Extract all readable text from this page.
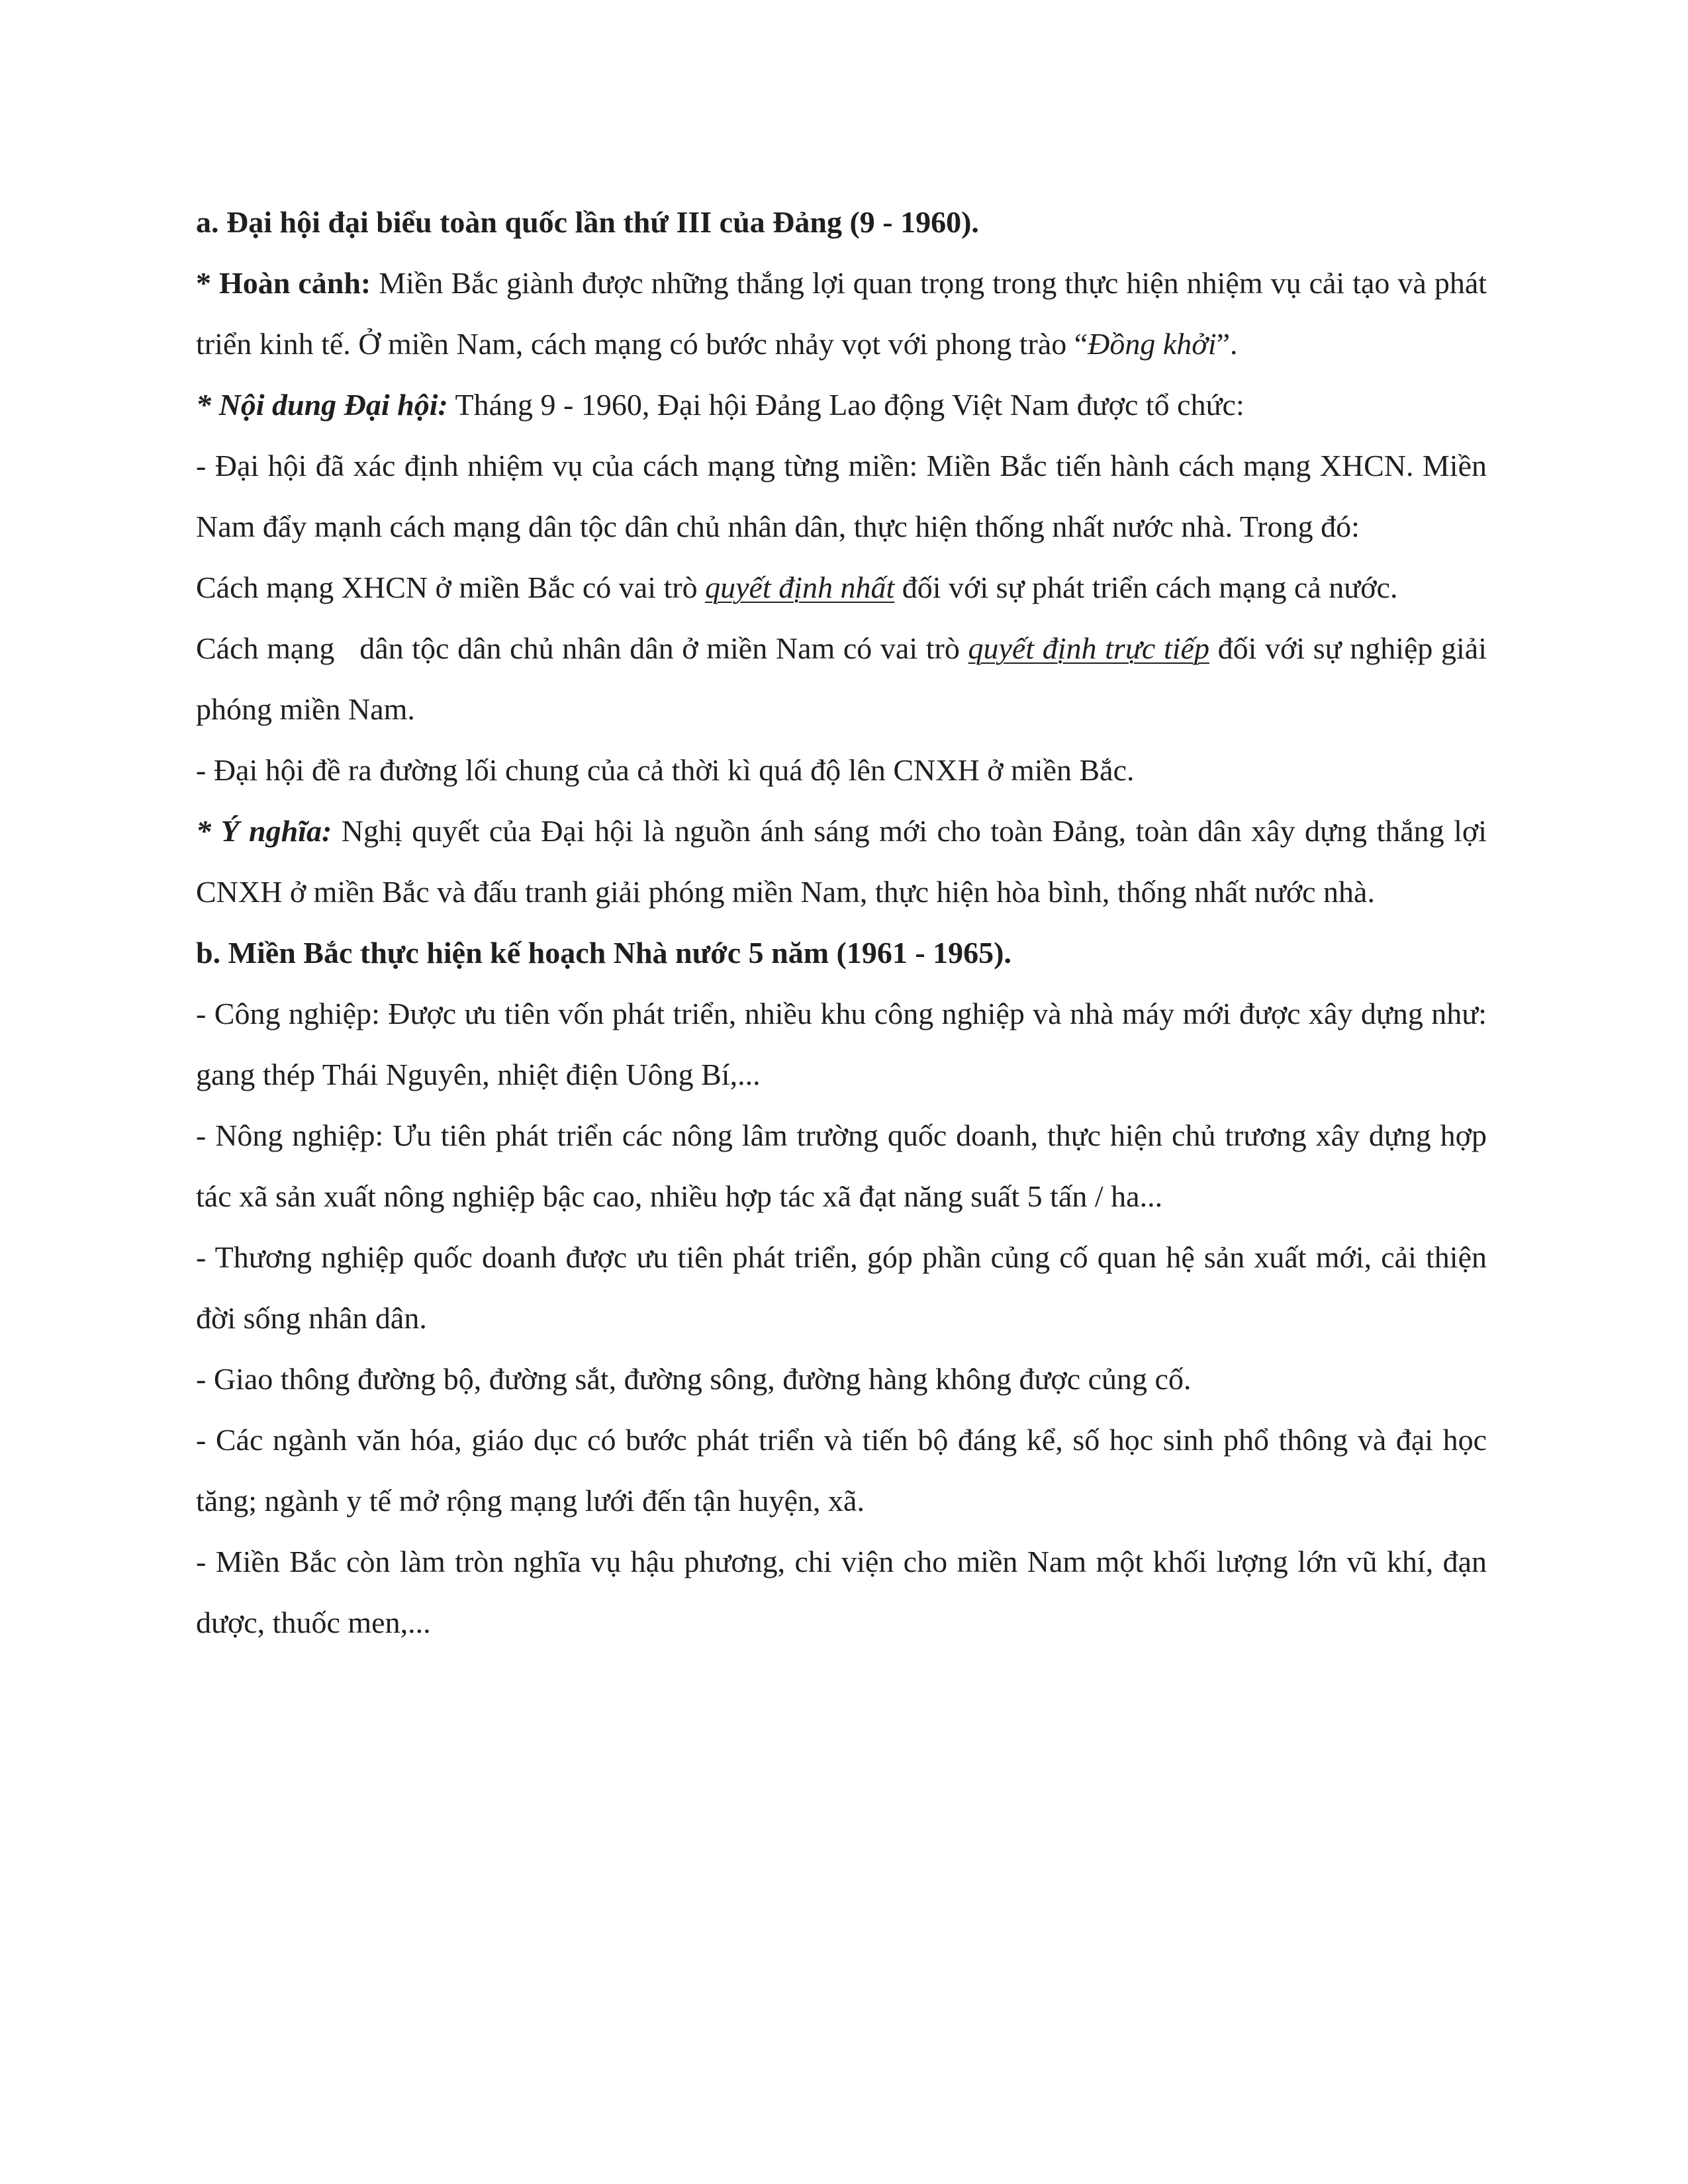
a. Đại hội đại biểu toàn quốc lần thứ III của Đảng (9 - 1960).

* Hoàn cảnh: Miền Bắc giành được những thắng lợi quan trọng trong thực hiện nhiệm vụ cải tạo và phát triển kinh tế. Ở miền Nam, cách mạng có bước nhảy vọt với phong trào “Đồng khởi”.

* Nội dung Đại hội: Tháng 9 - 1960, Đại hội Đảng Lao động Việt Nam được tổ chức:

- Đại hội đã xác định nhiệm vụ của cách mạng từng miền: Miền Bắc tiến hành cách mạng XHCN. Miền Nam đẩy mạnh cách mạng dân tộc dân chủ nhân dân, thực hiện thống nhất nước nhà. Trong đó:

Cách mạng XHCN ở miền Bắc có vai trò quyết định nhất đối với sự phát triển cách mạng cả nước.

Cách mạng   dân tộc dân chủ nhân dân ở miền Nam có vai trò quyết định trực tiếp đối với sự nghiệp giải phóng miền Nam.

- Đại hội đề ra đường lối chung của cả thời kì quá độ lên CNXH ở miền Bắc.

* Ý nghĩa: Nghị quyết của Đại hội là nguồn ánh sáng mới cho toàn Đảng, toàn dân xây dựng thắng lợi CNXH ở miền Bắc và đấu tranh giải phóng miền Nam, thực hiện hòa bình, thống nhất nước nhà.

b. Miền Bắc thực hiện kế hoạch Nhà nước 5 năm (1961 - 1965).

- Công nghiệp: Được ưu tiên vốn phát triển, nhiều khu công nghiệp và nhà máy mới được xây dựng như: gang thép Thái Nguyên, nhiệt điện Uông Bí,...

- Nông nghiệp: Ưu tiên phát triển các nông lâm trường quốc doanh, thực hiện chủ trương xây dựng hợp tác xã sản xuất nông nghiệp bậc cao, nhiều hợp tác xã đạt năng suất 5 tấn / ha...

- Thương nghiệp quốc doanh được ưu tiên phát triển, góp phần củng cố quan hệ sản xuất mới, cải thiện đời sống nhân dân.

- Giao thông đường bộ, đường sắt, đường sông, đường hàng không được củng cố.

- Các ngành văn hóa, giáo dục có bước phát triển và tiến bộ đáng kể, số học sinh phổ thông và đại học tăng; ngành y tế mở rộng mạng lưới đến tận huyện, xã.

- Miền Bắc còn làm tròn nghĩa vụ hậu phương, chi viện cho miền Nam một khối lượng lớn vũ khí, đạn dược, thuốc men,...
